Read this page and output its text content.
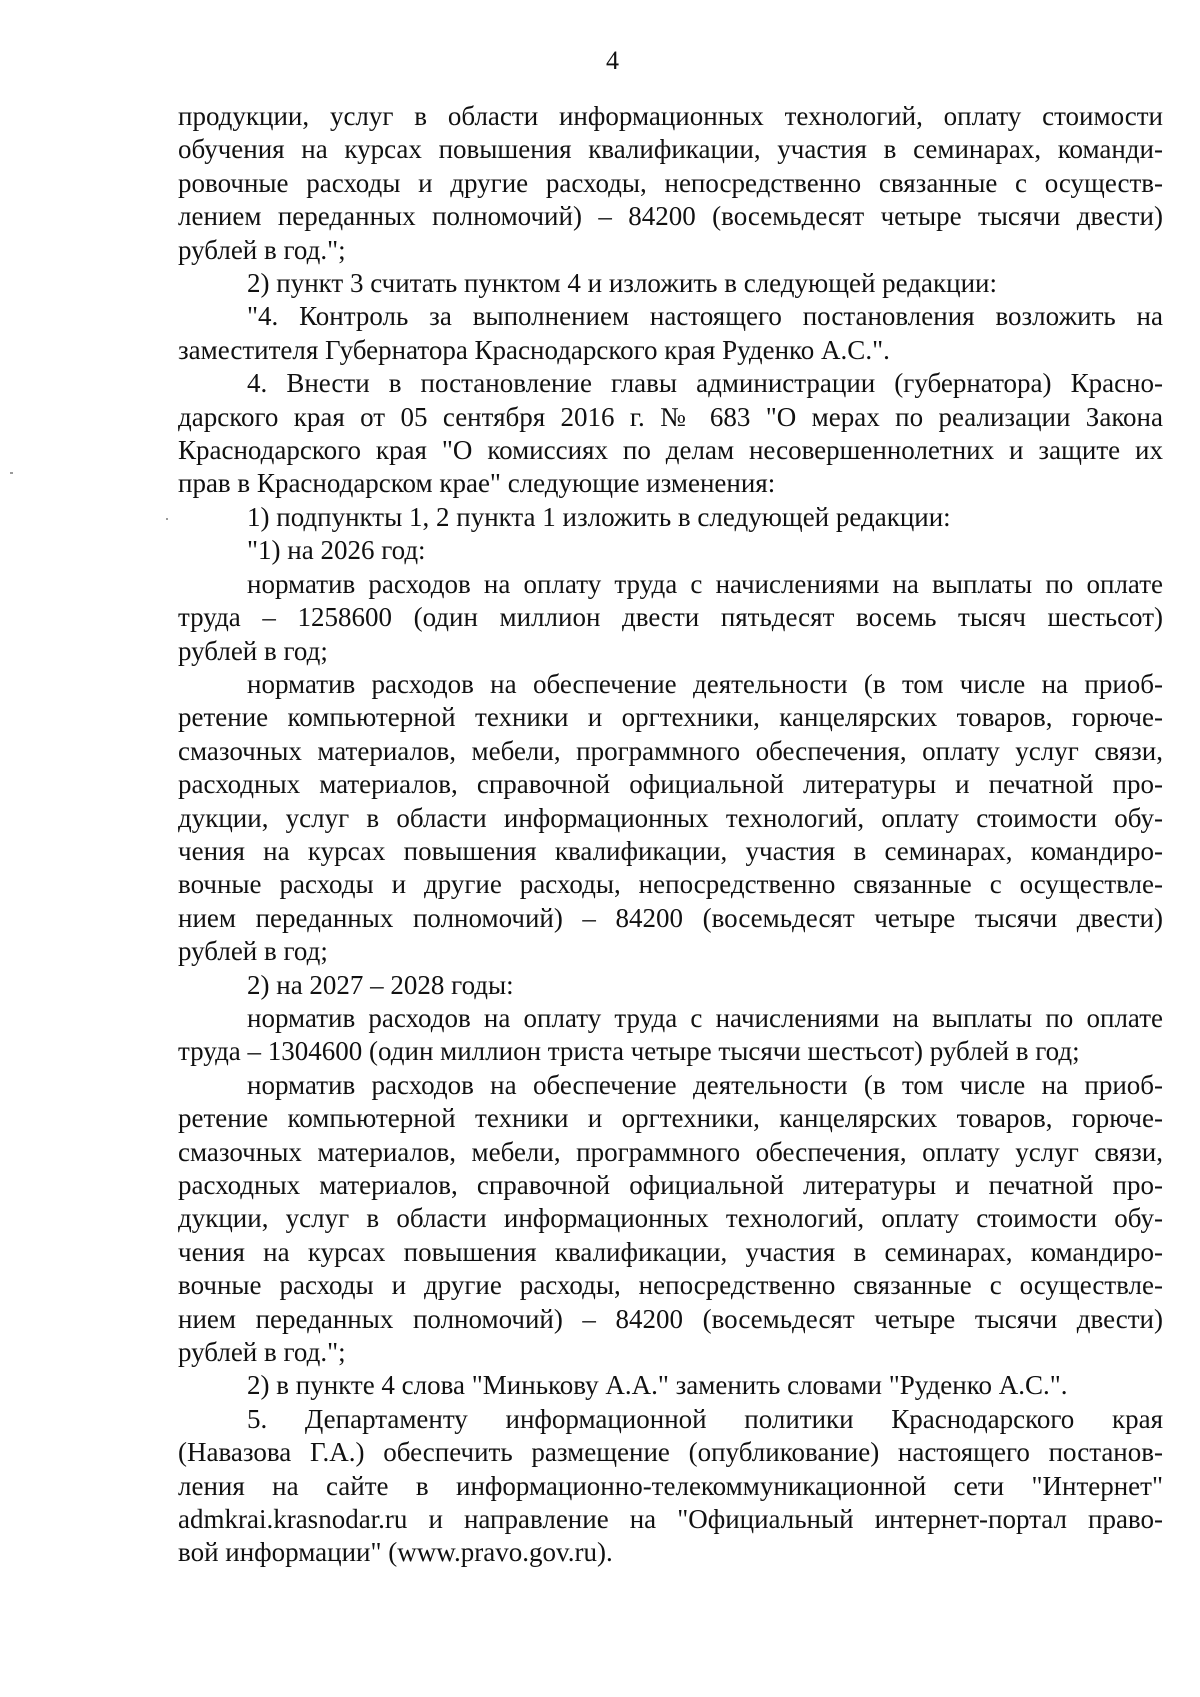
4
продукции, услуг в области информационных технологий, оплату стоимости
обучения на курсах повышения квалификации, участия в семинарах, команди-
ровочные расходы и другие расходы, непосредственно связанные с осуществ-
лением переданных полномочий) – 84200 (восемьдесят четыре тысячи двести)
рублей в год.";
2) пункт 3 считать пунктом 4 и изложить в следующей редакции:
"4. Контроль за выполнением настоящего постановления возложить на
заместителя Губернатора Краснодарского края Руденко А.С.".
4. Внести в постановление главы администрации (губернатора) Красно-
дарского края от 05 сентября 2016 г. № 683 "О мерах по реализации Закона
Краснодарского края "О комиссиях по делам несовершеннолетних и защите их
прав в Краснодарском крае" следующие изменения:
1) подпункты 1, 2 пункта 1 изложить в следующей редакции:
"1) на 2026 год:
норматив расходов на оплату труда с начислениями на выплаты по оплате
труда – 1258600 (один миллион двести пятьдесят восемь тысяч шестьсот)
рублей в год;
норматив расходов на обеспечение деятельности (в том числе на приоб-
ретение компьютерной техники и оргтехники, канцелярских товаров, горюче-
смазочных материалов, мебели, программного обеспечения, оплату услуг связи,
расходных материалов, справочной официальной литературы и печатной про-
дукции, услуг в области информационных технологий, оплату стоимости обу-
чения на курсах повышения квалификации, участия в семинарах, командиро-
вочные расходы и другие расходы, непосредственно связанные с осуществле-
нием переданных полномочий) – 84200 (восемьдесят четыре тысячи двести)
рублей в год;
2) на 2027 – 2028 годы:
норматив расходов на оплату труда с начислениями на выплаты по оплате
труда – 1304600 (один миллион триста четыре тысячи шестьсот) рублей в год;
норматив расходов на обеспечение деятельности (в том числе на приоб-
ретение компьютерной техники и оргтехники, канцелярских товаров, горюче-
смазочных материалов, мебели, программного обеспечения, оплату услуг связи,
расходных материалов, справочной официальной литературы и печатной про-
дукции, услуг в области информационных технологий, оплату стоимости обу-
чения на курсах повышения квалификации, участия в семинарах, командиро-
вочные расходы и другие расходы, непосредственно связанные с осуществле-
нием переданных полномочий) – 84200 (восемьдесят четыре тысячи двести)
рублей в год.";
2) в пункте 4 слова "Минькову А.А." заменить словами "Руденко А.С.".
5. Департаменту информационной политики Краснодарского края
(Навазова Г.А.) обеспечить размещение (опубликование) настоящего постанов-
ления на сайте в информационно-телекоммуникационной сети "Интернет"
admkrai.krasnodar.ru и направление на "Официальный интернет-портал право-
вой информации" (www.pravo.gov.ru).
